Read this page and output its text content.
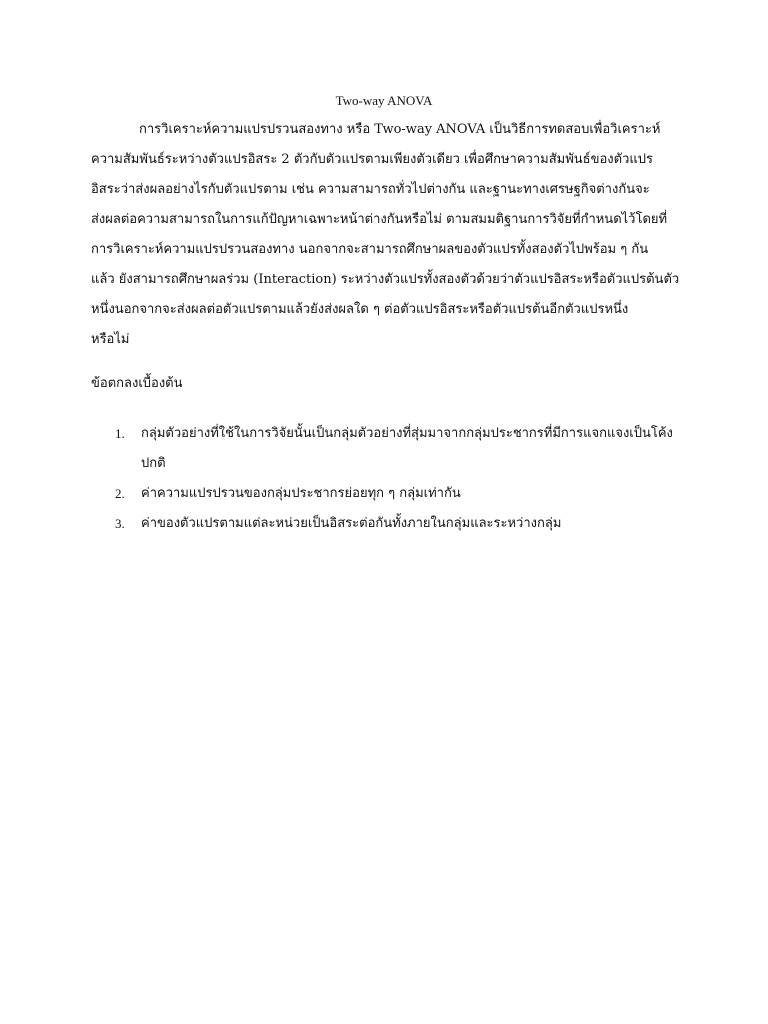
Two-way ANOVA
การวิเคราะห์ความแปรปรวนสองทาง หรือ Two-way ANOVA เป็นวิธีการทดสอบเพื่อวิเคราะห์
ความสัมพันธ์ระหว่างตัวแปรอิสระ 2 ตัวกับตัวแปรตามเพียงตัวเดียว เพื่อศึกษาความสัมพันธ์ของตัวแปร
อิสระว่าส่งผลอย่างไรกับตัวแปรตาม เช่น ความสามารถทั่วไปต่างกัน และฐานะทางเศรษฐกิจต่างกันจะ
ส่งผลต่อความสามารถในการแก้ปัญหาเฉพาะหน้าต่างกันหรือไม่ ตามสมมติฐานการวิจัยที่กำหนดไว้โดยที่
การวิเคราะห์ความแปรปรวนสองทาง นอกจากจะสามารถศึกษาผลของตัวแปรทั้งสองตัวไปพร้อม ๆ กัน
แล้ว ยังสามารถศึกษาผลร่วม (Interaction) ระหว่างตัวแปรทั้งสองตัวด้วยว่าตัวแปรอิสระหรือตัวแปรต้นตัว
หนึ่งนอกจากจะส่งผลต่อตัวแปรตามแล้วยังส่งผลใด ๆ ต่อตัวแปรอิสระหรือตัวแปรต้นอีกตัวแปรหนึ่ง
หรือไม่
ข้อตกลงเบื้องต้น
1. กลุ่มตัวอย่างที่ใช้ในการวิจัยนั้นเป็นกลุ่มตัวอย่างที่สุ่มมาจากกลุ่มประชากรที่มีการแจกแจงเป็นโค้ง
ปกติ
2. ค่าความแปรปรวนของกลุ่มประชากรย่อยทุก ๆ กลุ่มเท่ากัน
3. ค่าของตัวแปรตามแต่ละหน่วยเป็นอิสระต่อกันทั้งภายในกลุ่มและระหว่างกลุ่ม
